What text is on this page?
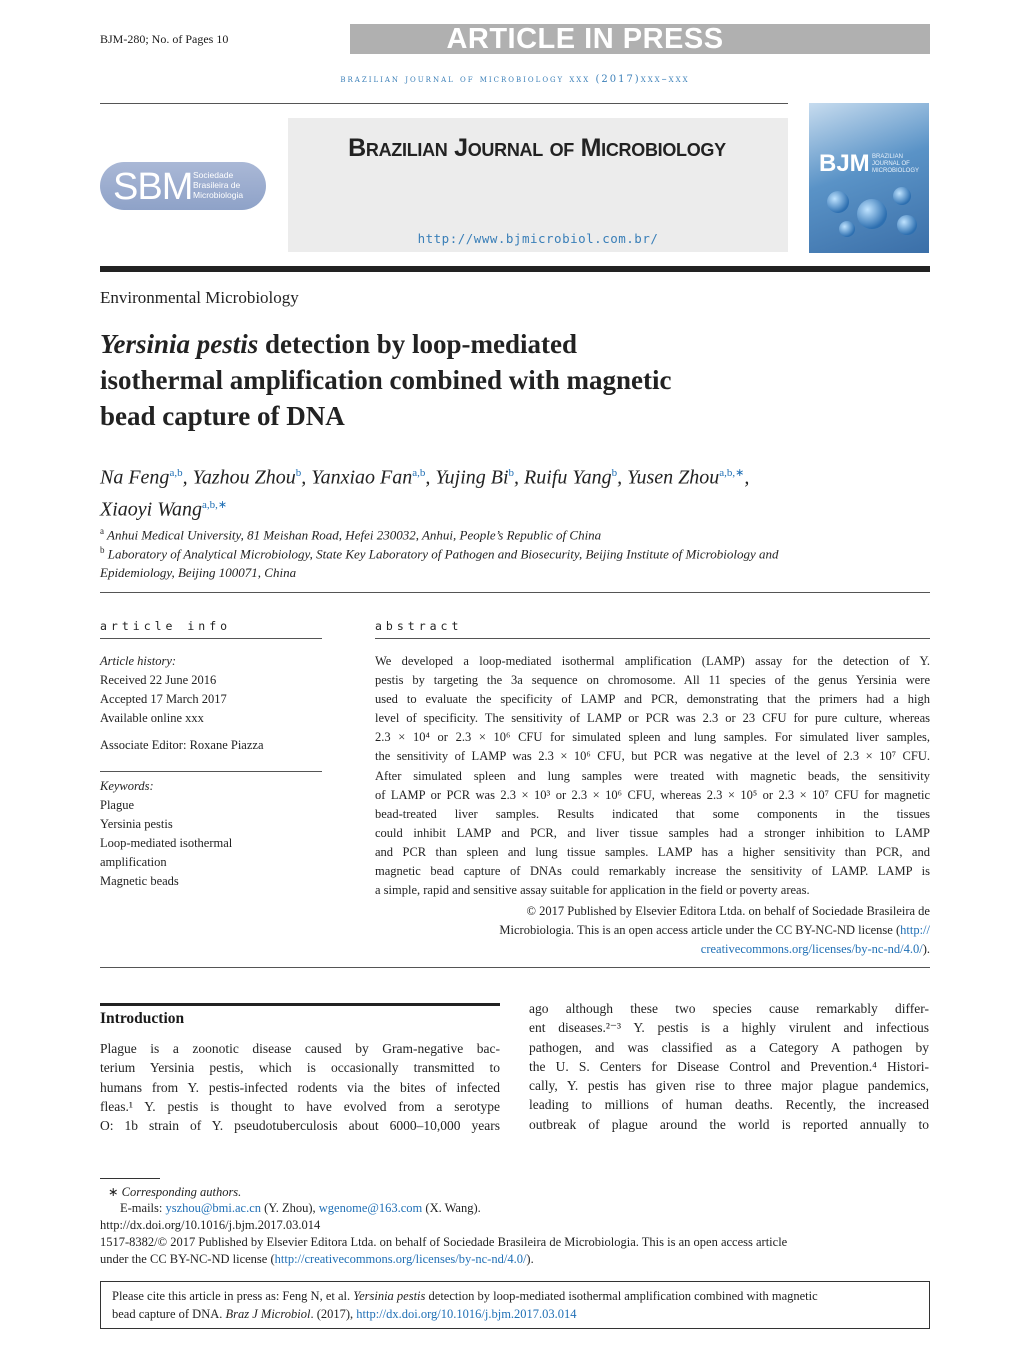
BJM-280; No. of Pages 10	ARTICLE IN PRESS
brazilian journal of microbiology xxx (2017)xxx–xxx
SBM Sociedade
Brasileira de
Microbiologia
Brazilian Journal of Microbiology
http://www.bjmicrobiol.com.br/
BJM BRAZILIAN
JOURNAL OF
MICROBIOLOGY
Environmental Microbiology
Yersinia pestis detection by loop-mediated
isothermal amplification combined with magnetic
bead capture of DNA
Na Feng$^{a,b}$, Yazhou Zhou$^b$, Yanxiao Fan$^{a,b}$, Yujing Bi$^b$, Ruifu Yang$^b$, Yusen Zhou$^{a,b,∗}$,
Xiaoyi Wang$^{a,b,∗}$
$^a$ Anhui Medical University, 81 Meishan Road, Hefei 230032, Anhui, People’s Republic of China
$^b$ Laboratory of Analytical Microbiology, State Key Laboratory of Pathogen and Biosecurity, Beijing Institute of Microbiology and
Epidemiology, Beijing 100071, China
article info
Article history:
Received 22 June 2016
Accepted 17 March 2017
Available online xxx
Associate Editor: Roxane Piazza
Keywords:
Plague
Yersinia pestis
Loop-mediated isothermal
amplification
Magnetic beads
abstract
We developed a loop-mediated isothermal amplification (LAMP) assay for the detection of Y.
pestis by targeting the 3a sequence on chromosome. All 11 species of the genus Yersinia were
used to evaluate the specificity of LAMP and PCR, demonstrating that the primers had a high
level of specificity. The sensitivity of LAMP or PCR was 2.3 or 23 CFU for pure culture, whereas
2.3 × 10⁴ or 2.3 × 10⁶ CFU for simulated spleen and lung samples. For simulated liver samples,
the sensitivity of LAMP was 2.3 × 10⁶ CFU, but PCR was negative at the level of 2.3 × 10⁷ CFU.
After simulated spleen and lung samples were treated with magnetic beads, the sensitivity
of LAMP or PCR was 2.3 × 10³ or 2.3 × 10⁶ CFU, whereas 2.3 × 10⁵ or 2.3 × 10⁷ CFU for magnetic
bead-treated liver samples. Results indicated that some components in the tissues
could inhibit LAMP and PCR, and liver tissue samples had a stronger inhibition to LAMP
and PCR than spleen and lung tissue samples. LAMP has a higher sensitivity than PCR, and
magnetic bead capture of DNAs could remarkably increase the sensitivity of LAMP. LAMP is
a simple, rapid and sensitive assay suitable for application in the field or poverty areas.
© 2017 Published by Elsevier Editora Ltda. on behalf of Sociedade Brasileira de
Microbiologia. This is an open access article under the CC BY-NC-ND license (http://
creativecommons.org/licenses/by-nc-nd/4.0/).
Introduction
Plague is a zoonotic disease caused by Gram-negative bac-
terium Yersinia pestis, which is occasionally transmitted to
humans from Y. pestis-infected rodents via the bites of infected
fleas.¹ Y. pestis is thought to have evolved from a serotype
O: 1b strain of Y. pseudotuberculosis about 6000–10,000 years
ago although these two species cause remarkably differ-
ent diseases.²⁻³ Y. pestis is a highly virulent and infectious
pathogen, and was classified as a Category A pathogen by
the U. S. Centers for Disease Control and Prevention.⁴ Histori-
cally, Y. pestis has given rise to three major plague pandemics,
leading to millions of human deaths. Recently, the increased
outbreak of plague around the world is reported annually to
∗ Corresponding authors.
E-mails: yszhou@bmi.ac.cn (Y. Zhou), wgenome@163.com (X. Wang).
http://dx.doi.org/10.1016/j.bjm.2017.03.014
1517-8382/© 2017 Published by Elsevier Editora Ltda. on behalf of Sociedade Brasileira de Microbiologia. This is an open access article
under the CC BY-NC-ND license (http://creativecommons.org/licenses/by-nc-nd/4.0/).
Please cite this article in press as: Feng N, et al. Yersinia pestis detection by loop-mediated isothermal amplification combined with magnetic
bead capture of DNA. Braz J Microbiol. (2017), http://dx.doi.org/10.1016/j.bjm.2017.03.014
